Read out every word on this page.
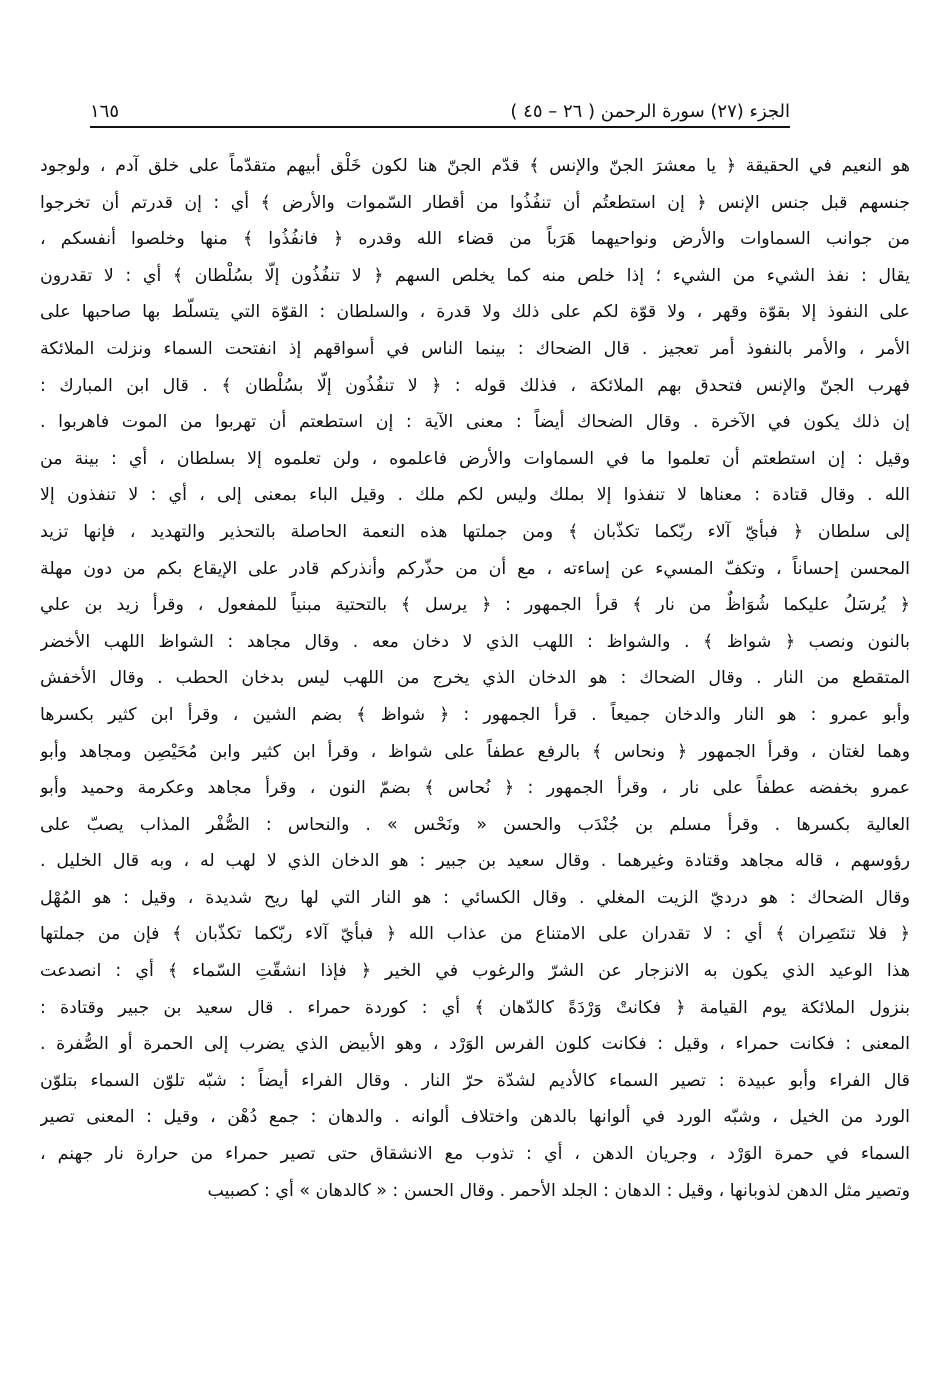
الجزء (٢٧) سورة الرحمن ( ٢٦ – ٤٥ )
١٦٥
هو النعيم في الحقيقة ﴿ يا معشرَ الجنّ والإنس ﴾ قدّم الجنّ هنا لكون خَلْق أبيهم متقدّماً على خلق آدم ، ولوجود
جنسهم قبل جنس الإنس ﴿ إن استطعتُم أن تنفُذُوا من أقطار السّموات والأرض ﴾ أي : إن قدرتم أن تخرجوا
من جوانب السماوات والأرض ونواحيهما هَرَباً من قضاء الله وقدره ﴿ فانفُذُوا ﴾ منها وخلصوا أنفسكم ،
يقال : نفذ الشيء من الشيء ؛ إذا خلص منه كما يخلص السهم ﴿ لا تنفُذُون إلّا بسُلْطان ﴾ أي : لا تقدرون
على النفوذ إلا بقوّة وقهر ، ولا قوّة لكم على ذلك ولا قدرة ، والسلطان : القوّة التي يتسلّط بها صاحبها على
الأمر ، والأمر بالنفوذ أمر تعجيز . قال الضحاك : بينما الناس في أسواقهم إذ انفتحت السماء ونزلت الملائكة
فهرب الجنّ والإنس فتحدق بهم الملائكة ، فذلك قوله : ﴿ لا تنفُذُون إلّا بسُلْطان ﴾ . قال ابن المبارك :
إن ذلك يكون في الآخرة . وقال الضحاك أيضاً : معنى الآية : إن استطعتم أن تهربوا من الموت فاهربوا .
وقيل : إن استطعتم أن تعلموا ما في السماوات والأرض فاعلموه ، ولن تعلموه إلا بسلطان ، أي : بينة من
الله . وقال قتادة : معناها لا تنفذوا إلا بملك وليس لكم ملك . وقيل الباء بمعنى إلى ، أي : لا تنفذون إلا
إلى سلطان ﴿ فبأيّ آلاء ربّكما تكذّبان ﴾ ومن جملتها هذه النعمة الحاصلة بالتحذير والتهديد ، فإنها تزيد
المحسن إحساناً ، وتكفّ المسيء عن إساءته ، مع أن من حذّركم وأنذركم قادر على الإيقاع بكم من دون مهلة
﴿ يُرسَلُ عليكما شُوَاظٌ من نار ﴾ قرأ الجمهور : ﴿ يرسل ﴾ بالتحتية مبنياً للمفعول ، وقرأ زيد بن علي
بالنون ونصب ﴿ شواظ ﴾ . والشواظ : اللهب الذي لا دخان معه . وقال مجاهد : الشواظ اللهب الأخضر
المتقطع من النار . وقال الضحاك : هو الدخان الذي يخرج من اللهب ليس بدخان الحطب . وقال الأخفش
وأبو عمرو : هو النار والدخان جميعاً . قرأ الجمهور : ﴿ شواظ ﴾ بضم الشين ، وقرأ ابن كثير بكسرها
وهما لغتان ، وقرأ الجمهور ﴿ ونحاس ﴾ بالرفع عطفاً على شواظ ، وقرأ ابن كثير وابن مُحَيْصِن ومجاهد وأبو
عمرو بخفضه عطفاً على نار ، وقرأ الجمهور : ﴿ نُحاس ﴾ بضمّ النون ، وقرأ مجاهد وعكرمة وحميد وأبو
العالية بكسرها . وقرأ مسلم بن جُنْدَب والحسن « ونَحْس » . والنحاس : الصُّفْر المذاب يصبّ على
رؤوسهم ، قاله مجاهد وقتادة وغيرهما . وقال سعيد بن جبير : هو الدخان الذي لا لهب له ، وبه قال الخليل .
وقال الضحاك : هو درديّ الزيت المغلي . وقال الكسائي : هو النار التي لها ريح شديدة ، وقيل : هو المُهْل
﴿ فلا تنتَصِران ﴾ أي : لا تقدران على الامتناع من عذاب الله ﴿ فبأيّ آلاء ربّكما تكذّبان ﴾ فإن من جملتها
هذا الوعيد الذي يكون به الانزجار عن الشرّ والرغوب في الخير ﴿ فإذا انشقّتِ السّماء ﴾ أي : انصدعت
بنزول الملائكة يوم القيامة ﴿ فكانتْ وَرْدَةً كالدّهان ﴾ أي : كوردة حمراء . قال سعيد بن جبير وقتادة :
المعنى : فكانت حمراء ، وقيل : فكانت كلون الفرس الوَرْد ، وهو الأبيض الذي يضرب إلى الحمرة أو الصُّفرة .
قال الفراء وأبو عبيدة : تصير السماء كالأديم لشدّة حرّ النار . وقال الفراء أيضاً : شبّه تلوّن السماء بتلوّن
الورد من الخيل ، وشبّه الورد في ألوانها بالدهن واختلاف ألوانه . والدهان : جمع دُهْن ، وقيل : المعنى تصير
السماء في حمرة الوَرْد ، وجريان الدهن ، أي : تذوب مع الانشقاق حتى تصير حمراء من حرارة نار جهنم ،
وتصير مثل الدهن لذوبانها ، وقيل : الدهان : الجلد الأحمر . وقال الحسن : « كالدهان » أي : كصبيب
